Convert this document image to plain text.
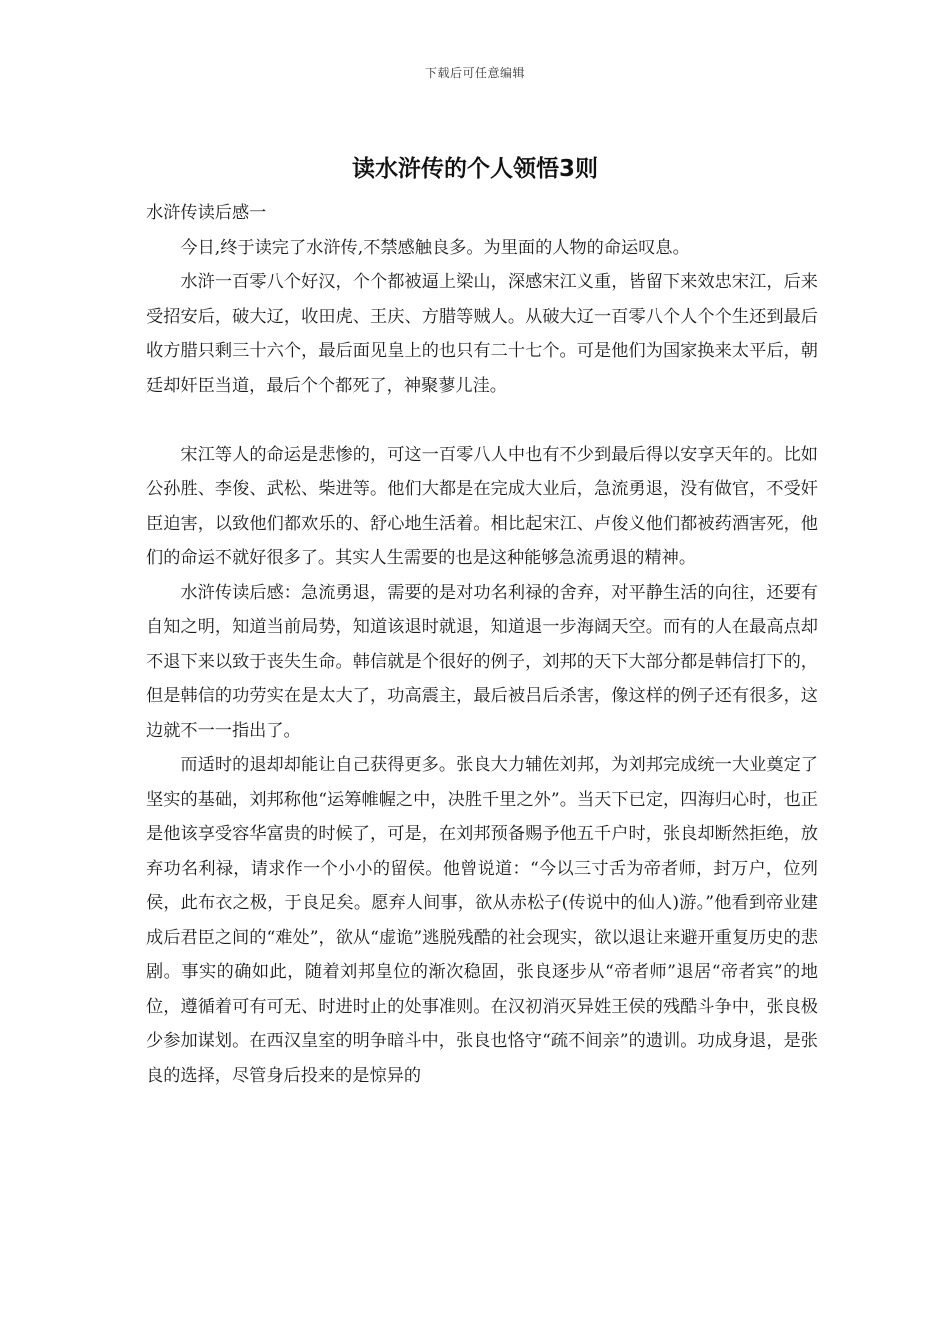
下载后可任意编辑
读水浒传的个人领悟3则

水浒传读后感一

今日,终于读完了水浒传,不禁感触良多。为里面的人物的命运叹息。

水浒一百零八个好汉，个个都被逼上梁山，深感宋江义重，皆留下来效忠宋江，后来受招安后，破大辽，收田虎、王庆、方腊等贼人。从破大辽一百零八个人个个生还到最后收方腊只剩三十六个，最后面见皇上的也只有二十七个。可是他们为国家换来太平后，朝廷却奸臣当道，最后个个都死了，神聚蓼儿洼。

宋江等人的命运是悲惨的，可这一百零八人中也有不少到最后得以安享天年的。比如公孙胜、李俊、武松、柴进等。他们大都是在完成大业后，急流勇退，没有做官，不受奸臣迫害，以致他们都欢乐的、舒心地生活着。相比起宋江、卢俊义他们都被药酒害死，他们的命运不就好很多了。其实人生需要的也是这种能够急流勇退的精神。

水浒传读后感：急流勇退，需要的是对功名利禄的舍弃，对平静生活的向往，还要有自知之明，知道当前局势，知道该退时就退，知道退一步海阔天空。而有的人在最高点却不退下来以致于丧失生命。韩信就是个很好的例子，刘邦的天下大部分都是韩信打下的，但是韩信的功劳实在是太大了，功高震主，最后被吕后杀害，像这样的例子还有很多，这边就不一一指出了。

而适时的退却却能让自己获得更多。张良大力辅佐刘邦，为刘邦完成统一大业奠定了坚实的基础，刘邦称他“运筹帷幄之中，决胜千里之外”。当天下已定，四海归心时，也正是他该享受容华富贵的时候了，可是，在刘邦预备赐予他五千户时，张良却断然拒绝，放弃功名利禄，请求作一个小小的留侯。他曾说道：“今以三寸舌为帝者师，封万户，位列侯，此布衣之极，于良足矣。愿弃人间事，欲从赤松子(传说中的仙人)游。”他看到帝业建成后君臣之间的“难处”，欲从“虚诡”逃脱残酷的社会现实，欲以退让来避开重复历史的悲剧。事实的确如此，随着刘邦皇位的渐次稳固，张良逐步从“帝者师”退居“帝者宾”的地位，遵循着可有可无、时进时止的处事准则。在汉初消灭异姓王侯的残酷斗争中，张良极少参加谋划。在西汉皇室的明争暗斗中，张良也恪守“疏不间亲”的遗训。功成身退，是张良的选择，尽管身后投来的是惊异的
